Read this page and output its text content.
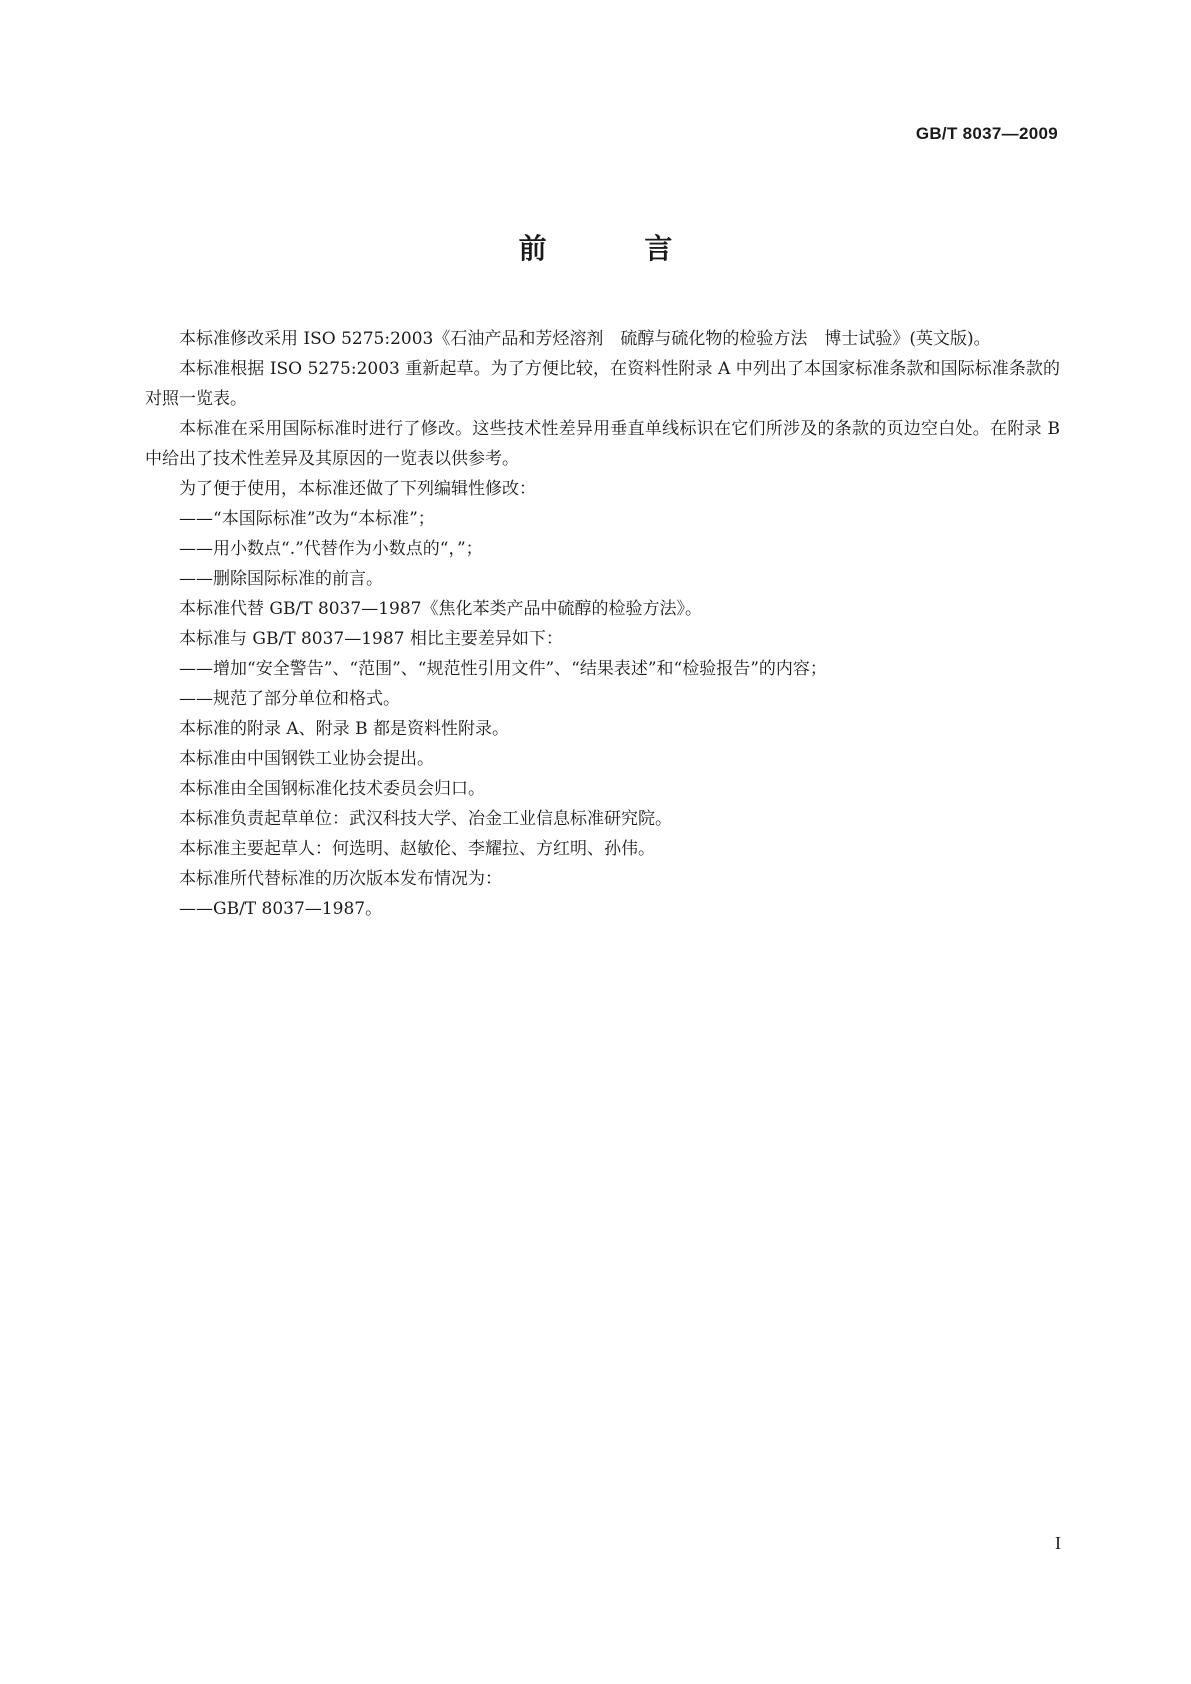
GB/T 8037—2009
前 言

本标准修改采用 ISO 5275:2003《石油产品和芳烃溶剂　硫醇与硫化物的检验方法　博士试验》(英文版)。

本标准根据 ISO 5275:2003 重新起草。为了方便比较，在资料性附录 A 中列出了本国家标准条款和国际标准条款的对照一览表。

本标准在采用国际标准时进行了修改。这些技术性差异用垂直单线标识在它们所涉及的条款的页边空白处。在附录 B 中给出了技术性差异及其原因的一览表以供参考。

为了便于使用，本标准还做了下列编辑性修改：

——“本国际标准”改为“本标准”；

——用小数点“.”代替作为小数点的“，”；

——删除国际标准的前言。

本标准代替 GB/T 8037—1987《焦化苯类产品中硫醇的检验方法》。

本标准与 GB/T 8037—1987 相比主要差异如下：

——增加“安全警告”、“范围”、“规范性引用文件”、“结果表述”和“检验报告”的内容；

——规范了部分单位和格式。

本标准的附录 A、附录 B 都是资料性附录。

本标准由中国钢铁工业协会提出。

本标准由全国钢标准化技术委员会归口。

本标准负责起草单位：武汉科技大学、冶金工业信息标准研究院。

本标准主要起草人：何选明、赵敏伦、李耀拉、方红明、孙伟。

本标准所代替标准的历次版本发布情况为：

——GB/T 8037—1987。

I
